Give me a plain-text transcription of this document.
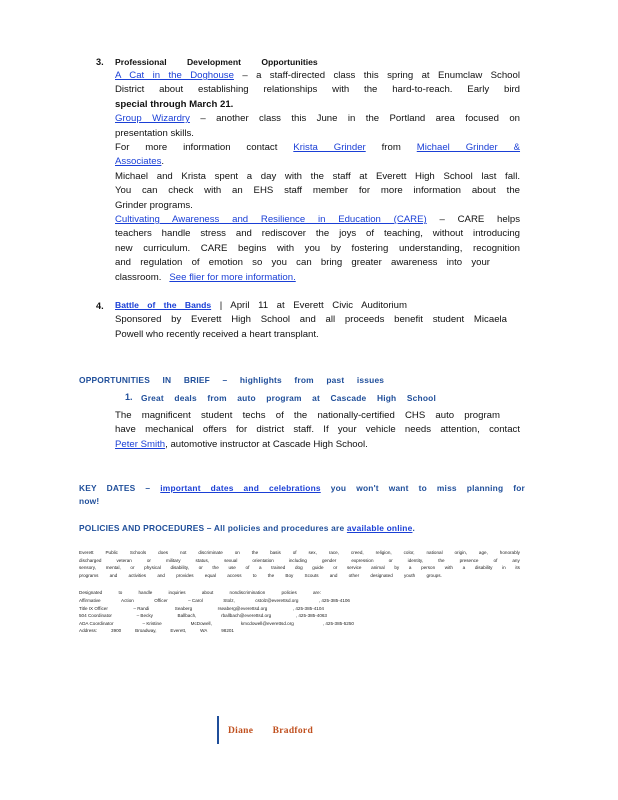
3. Professional Development Opportunities
A Cat in the Doghouse – a staff-directed class this spring at Enumclaw School
District about establishing relationships with the hard-to-reach. Early bird
special through March 21.
Group Wizardry – another class this June in the Portland area focused on
presentation skills.
For more information contact Krista Grinder from Michael Grinder &
Associates.
Michael and Krista spent a day with the staff at Everett High School last fall.
You can check with an EHS staff member for more information about the
Grinder programs.
Cultivating Awareness and Resilience in Education (CARE) – CARE helps
teachers handle stress and rediscover the joys of teaching, without introducing
new curriculum. CARE begins with you by fostering understanding, recognition
and regulation of emotion so you can bring greater awareness into your
classroom. See flier for more information.
4. Battle of the Bands | April 11 at Everett Civic Auditorium
Sponsored by Everett High School and all proceeds benefit student Micaela
Powell who recently received a heart transplant.
OPPORTUNITIES IN BRIEF – highlights from past issues
1. Great deals from auto program at Cascade High School
The magnificent student techs of the nationally-certified CHS auto program
have mechanical offers for district staff. If your vehicle needs attention, contact
Peter Smith, automotive instructor at Cascade High School.
KEY DATES – important dates and celebrations you won't want to miss planning for
now!
POLICIES AND PROCEDURES – All policies and procedures are available online.
Everett	Public	Schools	does	not	discriminate	on	the	basis	of	sex,	race,	creed,	religion,	color,	national	origin,	age,	honorably
discharged	veteran	or	military	status,	sexual	orientation	including	gender	expression	or	identity,	the	presence	of	any
sensory, mental, or physical disability, or the use of a trained dog guide or service animal by a person with a disability in its
programs and activities and provides equal access to the Boy Scouts and other designated youth groups.
Designated	to	handle	inquiries	about	nondiscrimination	policies	are:
Affirmative	Action	Officer	– Carol	Stolz,	cstolz@everettsd.org	, 425-385-4106
Title IX Officer	– Randi	Seaberg	rseaberg@everettsd.org	, 425-385-4104
504 Coordinator	– Becky	Ballbach,	rballbach@everettsd.org	, 425-385-4063
ADA Coordinator	– Kristine	McDowell,	kmcdowell@everettsd.org	, 425-385-5250
Address:	3900	Broadway,	Everett,	WA	98201
Diane Bradford
